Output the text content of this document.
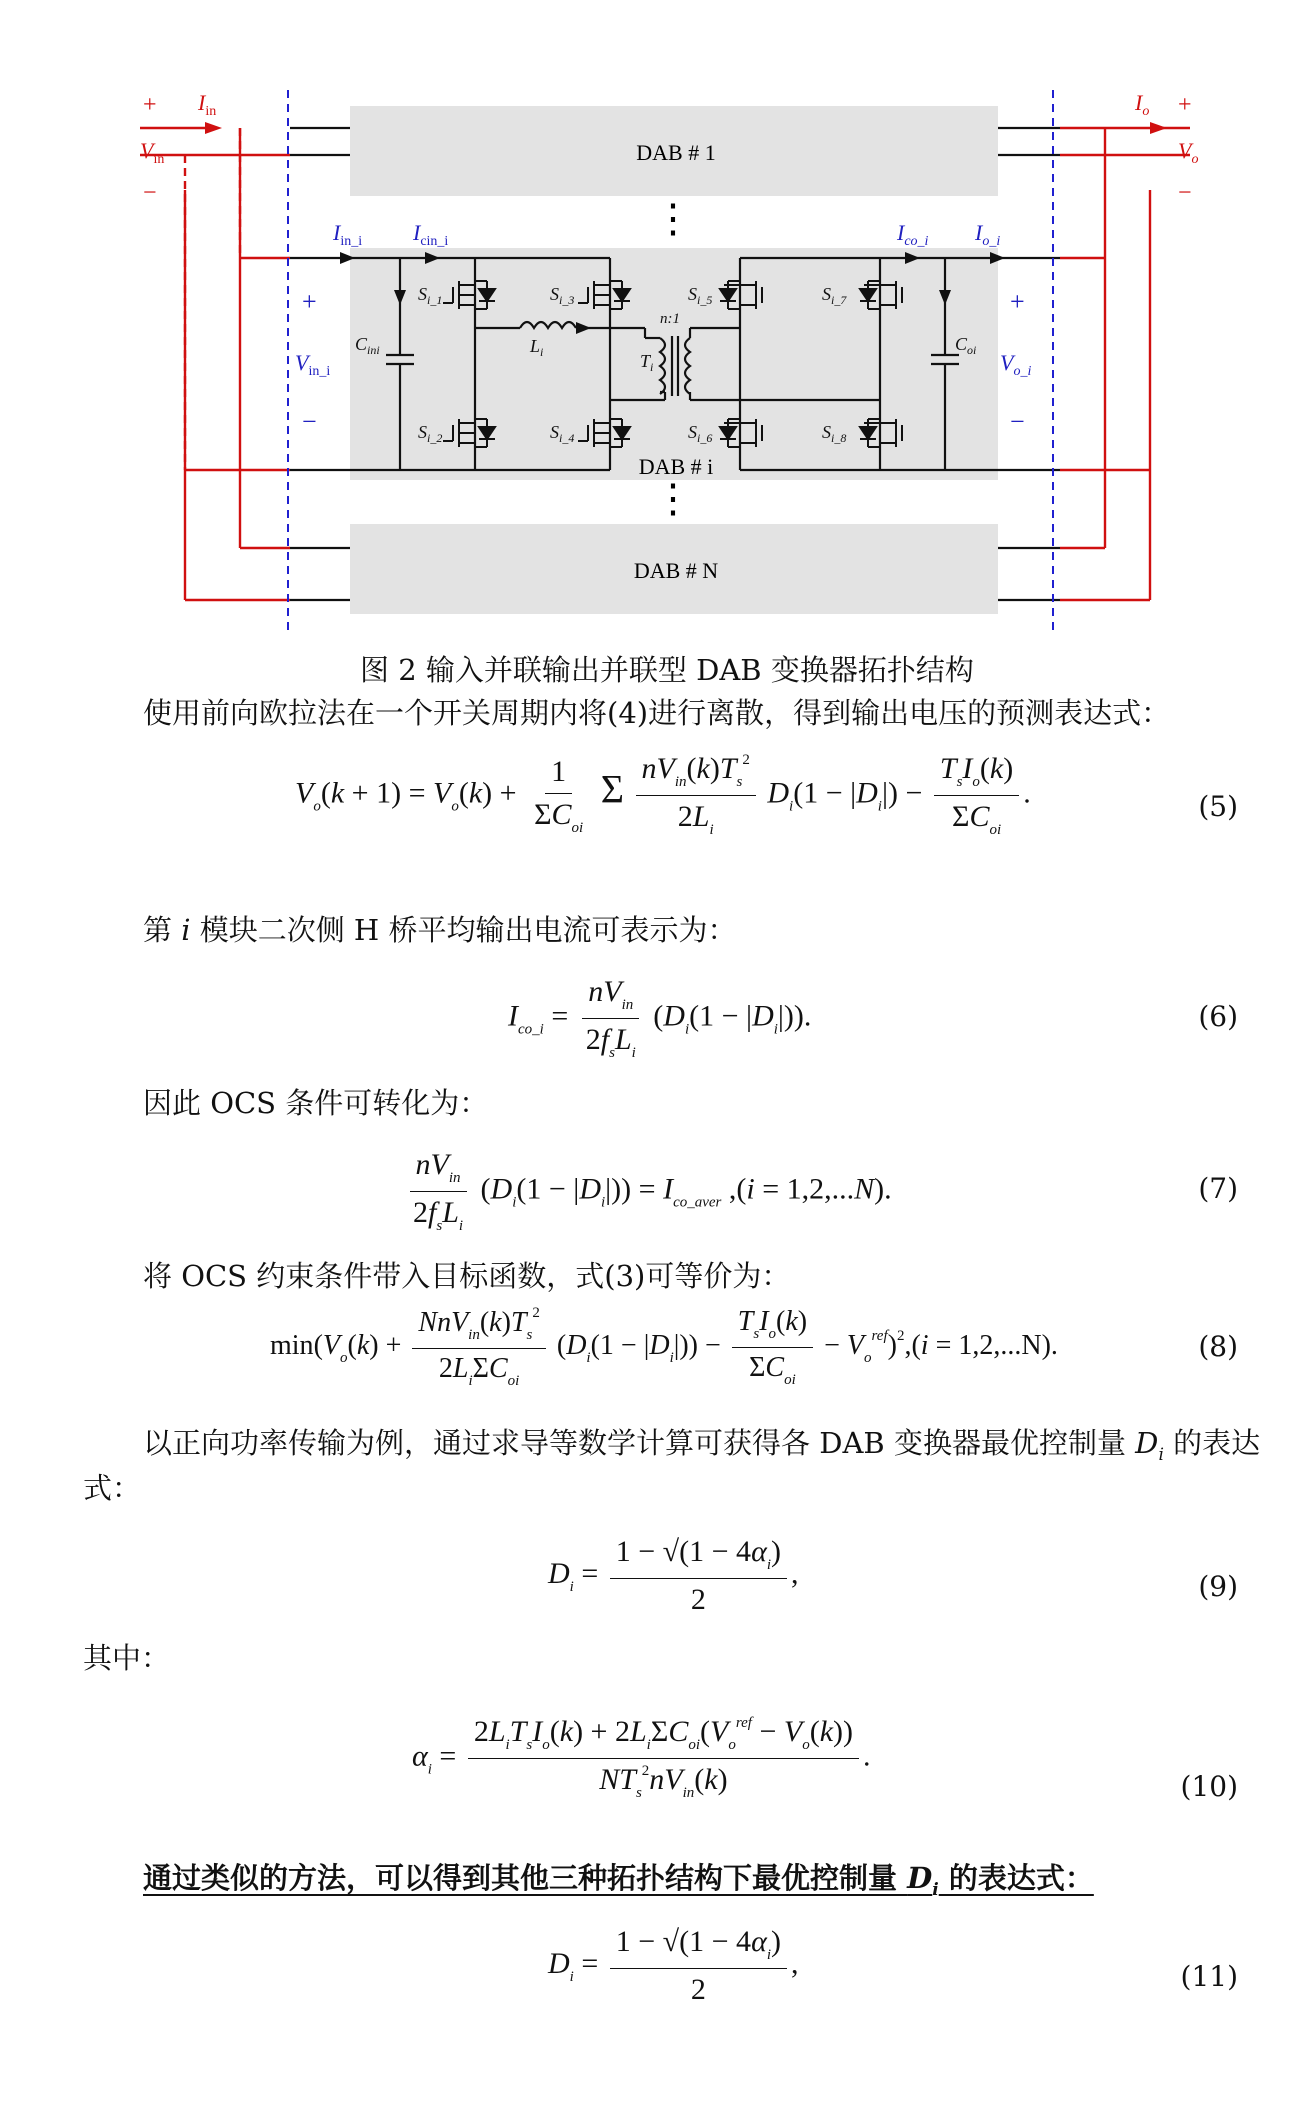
DAB # 1
DAB # i
DAB # N
⋮
⋮
+
−
+
−
$I_{in}$
$V_{in}$
$I_o$
$V_o$
$I_{in\_i}$ $I_{cin\_i}$	$I_{co\_i}$ $I_{o\_i}$
$V_{in\_i}$	$V_{o\_i}$
+
−
+
−
$C_{ini}$	$C_{oi}$
$L_i$	$T_i$
n:1
$S_{i\_1}$
$S_{i\_2}$
$S_{i\_3}$
$S_{i\_4}$
$S_{i\_5}$
$S_{i\_6}$
$S_{i\_7}$
$S_{i\_8}$
图 2 输入并联输出并联型 DAB 变换器拓扑结构
使用前向欧拉法在一个开关周期内将(4)进行离散，得到输出电压的预测表达式：
$V_o(k + 1) = V_o(k) + \frac{1}{\Sigma C_{oi}}$ Σ $\frac{nV_{in}(k)T_s^2}{2L_i} D_i(1 - |D_i|) - \frac{T_sI_o(k)}{\Sigma C_{oi}}$ .	(5)
第 i 模块二次侧 H 桥平均输出电流可表示为：
$I_{co\_i} = \frac{nV_{in}}{2f_sL_i} (D_i(1 - |D_i|))$.	(6)
因此 OCS 条件可转化为：
$\frac{nV_{in}}{2f_sL_i} (D_i(1 - |D_i|)) = I_{co\_aver}$ ,(i = 1,2,...N).	(7)
将 OCS 约束条件带入目标函数，式(3)可等价为：
$\min(V_o(k) + \frac{NnV_{in}(k)T_s^2}{2L_i\Sigma C_{oi}} (D_i(1 - |D_i|)) - \frac{T_sI_o(k)}{\Sigma C_{oi}} - V_o^{ref})^2,(i = 1,2,...N)$.	(8)
以正向功率传输为例，通过求导等数学计算可获得各 DAB 变换器最优控制量 $D_i$ 的表达
式：
$D_i = \frac{1 - √(1 - 4\alpha_i)}{2}$ ,	(9)
其中：
$\alpha_i = \frac{2L_iT_sI_o(k) + 2L_i\Sigma C_{oi}(V_o^{ref} - V_o(k))}{NT_s^2nV_{in}(k)}$ .
(10)
通过类似的方法，可以得到其他三种拓扑结构下最优控制量 $D_i$ 的表达式：
$D_i = \frac{1 - √(1 - 4\alpha_i)}{2}$ ,	(11)
